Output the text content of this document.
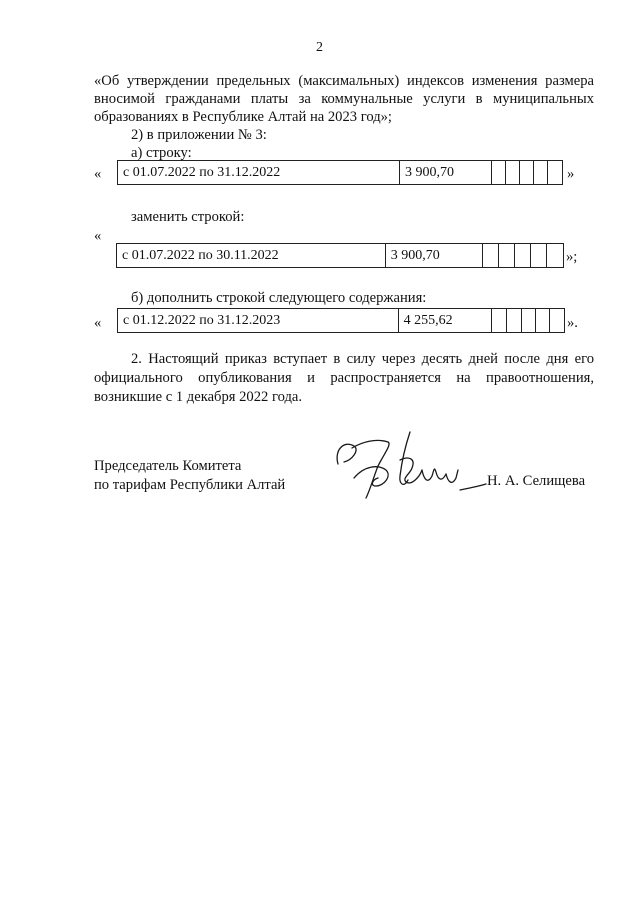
2
«Об утверждении предельных (максимальных) индексов изменения размера
вносимой гражданами платы за коммунальные услуги в муниципальных
образованиях в Республике Алтай на 2023 год»;
2) в приложении № 3:
а) строку:
«	с 01.07.2022 по 31.12.2022	3 900,70	»
заменить строкой:
«
с 01.07.2022 по 30.11.2022	3 900,70	»;
б) дополнить строкой следующего содержания:
«	с 01.12.2022 по 31.12.2023	4 255,62	».
2. Настоящий приказ вступает в силу через десять дней после дня его
официального опубликования и распространяется на правоотношения,
возникшие с 1 декабря 2022 года.
Председатель Комитета
по тарифам Республики Алтай	Н. А. Селищева
